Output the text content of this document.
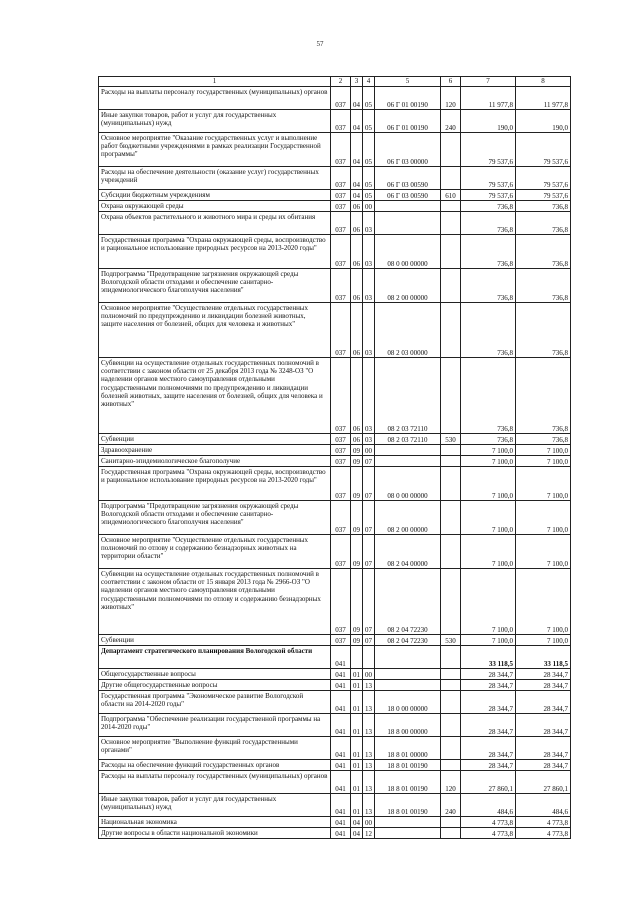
57
1	2	3	4	5	6	7	8
Расходы на выплаты персоналу государственных (муниципальных) органов	037	04	05	06 Г 01 00190	120	11 977,8	11 977,8
Иные закупки товаров, работ и услуг для государственных (муниципальных) нужд	037	04	05	06 Г 01 00190	240	190,0	190,0
Основное мероприятие "Оказание государственных услуг и выполнение работ бюджетными учреждениями в рамках реализации Государственной программы"	037	04	05	06 Г 03 00000		79 537,6	79 537,6
Расходы на обеспечение деятельности (оказание услуг) государственных учреждений	037	04	05	06 Г 03 00590		79 537,6	79 537,6
Субсидии бюджетным учреждениям	037	04	05	06 Г 03 00590	610	79 537,6	79 537,6
Охрана окружающей среды	037	06	00			736,8	736,8
Охрана объектов растительного и животного мира и среды их обитания	037	06	03			736,8	736,8
Государственная программа "Охрана окружающей среды, воспроизводство и рациональное использование природных ресурсов на 2013-2020 годы"	037	06	03	08 0 00 00000		736,8	736,8
Подпрограмма "Предотвращение загрязнения окружающей среды Вологодской области отходами и обеспечение санитарно-эпидемиологического благополучия населения"	037	06	03	08 2 00 00000		736,8	736,8
Основное мероприятие "Осуществление отдельных государственных полномочий по предупреждению и ликвидации болезней животных, защите населения от болезней, общих для человека и животных"	037	06	03	08 2 03 00000		736,8	736,8
Субвенции на осуществление отдельных государственных полномочий в соответствии с законом области от 25 декабря 2013 года № 3248-ОЗ "О наделении органов местного самоуправления отдельными государственными полномочиями по предупреждению и ликвидации болезней животных, защите населения от болезней, общих для человека и животных"	037	06	03	08 2 03 72110		736,8	736,8
Субвенции	037	06	03	08 2 03 72110	530	736,8	736,8
Здравоохранение	037	09	00			7 100,0	7 100,0
Санитарно-эпидемиологическое благополучие	037	09	07			7 100,0	7 100,0
Государственная программа "Охрана окружающей среды, воспроизводство и рациональное использование природных ресурсов на 2013-2020 годы"	037	09	07	08 0 00 00000		7 100,0	7 100,0
Подпрограмма "Предотвращение загрязнения окружающей среды Вологодской области отходами и обеспечение санитарно-эпидемиологического благополучия населения"	037	09	07	08 2 00 00000		7 100,0	7 100,0
Основное мероприятие "Осуществление отдельных государственных полномочий по отлову и содержанию безнадзорных животных на территории области"	037	09	07	08 2 04 00000		7 100,0	7 100,0
Субвенции на осуществление отдельных государственных полномочий в соответствии с законом области от 15 января 2013 года № 2966-ОЗ "О наделении органов местного самоуправления отдельными государственными полномочиями по отлову и содержанию безнадзорных животных"	037	09	07	08 2 04 72230		7 100,0	7 100,0
Субвенции	037	09	07	08 2 04 72230	530	7 100,0	7 100,0
Департамент стратегического планирования Вологодской области	041					33 118,5	33 118,5
Общегосударственные вопросы	041	01	00			28 344,7	28 344,7
Другие общегосударственные вопросы	041	01	13			28 344,7	28 344,7
Государственная программа "Экономическое развитие Вологодской области на 2014-2020 годы"	041	01	13	18 0 00 00000		28 344,7	28 344,7
Подпрограмма "Обеспечение реализации государственной программы на 2014-2020 годы"	041	01	13	18 8 00 00000		28 344,7	28 344,7
Основное мероприятие "Выполнение функций государственными органами"	041	01	13	18 8 01 00000		28 344,7	28 344,7
Расходы на обеспечение функций государственных органов	041	01	13	18 8 01 00190		28 344,7	28 344,7
Расходы на выплаты персоналу государственных (муниципальных) органов	041	01	13	18 8 01 00190	120	27 860,1	27 860,1
Иные закупки товаров, работ и услуг для государственных (муниципальных) нужд	041	01	13	18 8 01 00190	240	484,6	484,6
Национальная экономика	041	04	00			4 773,8	4 773,8
Другие вопросы в области национальной экономики	041	04	12			4 773,8	4 773,8
